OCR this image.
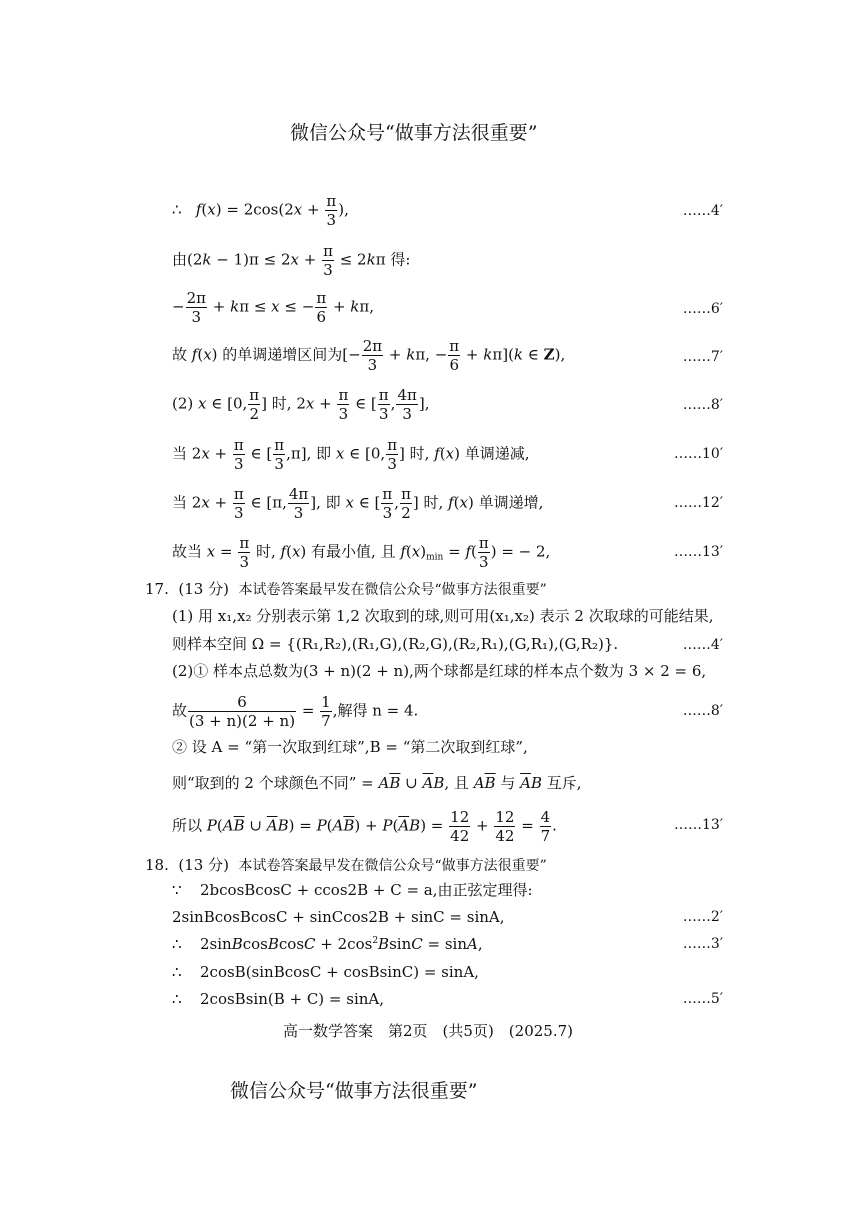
微信公众号“做事方法很重要”
∴ $f(x) = 2\cos(2x + \frac{\pi}{3}$ ),	……4′
由$(2k - 1)\pi \le 2x + \frac{\pi}{3} \le 2k\pi$ 得:
− $\frac{2\pi}{3} + k\pi \le x$ ≤ − $\frac{\pi}{6} + k\pi$,	……6′
故 f(x) 的单调递增区间为[− $\frac{2\pi}{3} + k\pi$, − $\frac{\pi}{6} + k\pi](k$ ∈ Z),	……7′
(2) x ∈ [0, $\frac{\pi}{2}$ ] 时, $2x + \frac{\pi}{3}$ ∈ [ $\frac{\pi}{3}$ , $\frac{4\pi}{3}$ ],	……8′
当 $2x + \frac{\pi}{3}$ ∈ [ $\frac{\pi}{3} ,\pi$], 即 x ∈ [0, $\frac{\pi}{3}$ ] 时, f(x) 单调递减,	……10′
当 $2x + \frac{\pi}{3}$ ∈ [π, $\frac{4\pi}{3}$ ], 即 x ∈ [ $\frac{\pi}{3}$ , $\frac{\pi}{2}$ ] 时, f(x) 单调递增,	……12′
故当 $x = \frac{\pi}{3}$ 时, f(x) 有最小值, 且 $f(x)_{min} = f( \frac{\pi}{3}$ ) = − 2,	……13′
17. (13 分) 本试卷答案最早发在微信公众号“做事方法很重要”
(1) 用 x₁,x₂ 分别表示第 1,2 次取到的球,则可用(x₁,x₂) 表示 2 次取球的可能结果,
则样本空间 Ω = {(R₁,R₂),(R₁,G),(R₂,G),(R₂,R₁),(G,R₁),(G,R₂)}.	……4′
(2)① 样本点总数为(3 + n)(2 + n),两个球都是红球的样本点个数为 3 × 2 = 6,
故 $\frac{6}{(3 + n)(2 + n)} = \frac{1}{7}$ ,解得 n = 4.	……8′
② 设 A = “第一次取到红球”,B = “第二次取到红球”,
则“取到的 2 个球颜色不同” = $A\overline{B}$ ∪ $\overline{A}B$, 且 $A\overline{B}$ 与 $\overline{A}B$ 互斥,
所以 $P(A\overline{B}$ ∪ $\overline{A}B) = P(A\overline{B}) + P(\overline{A}B) = \frac{12}{42} + \frac{12}{42} = \frac{4}{7}$ .	……13′
18. (13 分) 本试卷答案最早发在微信公众号“做事方法很重要”
∵ 2bcosBcosC + ccos2B + C = a,由正弦定理得:
2sinBcosBcosC + sinCcos2B + sinC = sinA,	……2′
∴ 2sinBcosBcosC + $2\cos^2BsinC = \sin A$,	……3′
∴ 2cosB(sinBcosC + cosBsinC) = sinA,
∴ 2cosBsin(B + C) = sinA,	……5′
高一数学答案　第2页　(共5页)　(2025.7)
微信公众号“做事方法很重要”
